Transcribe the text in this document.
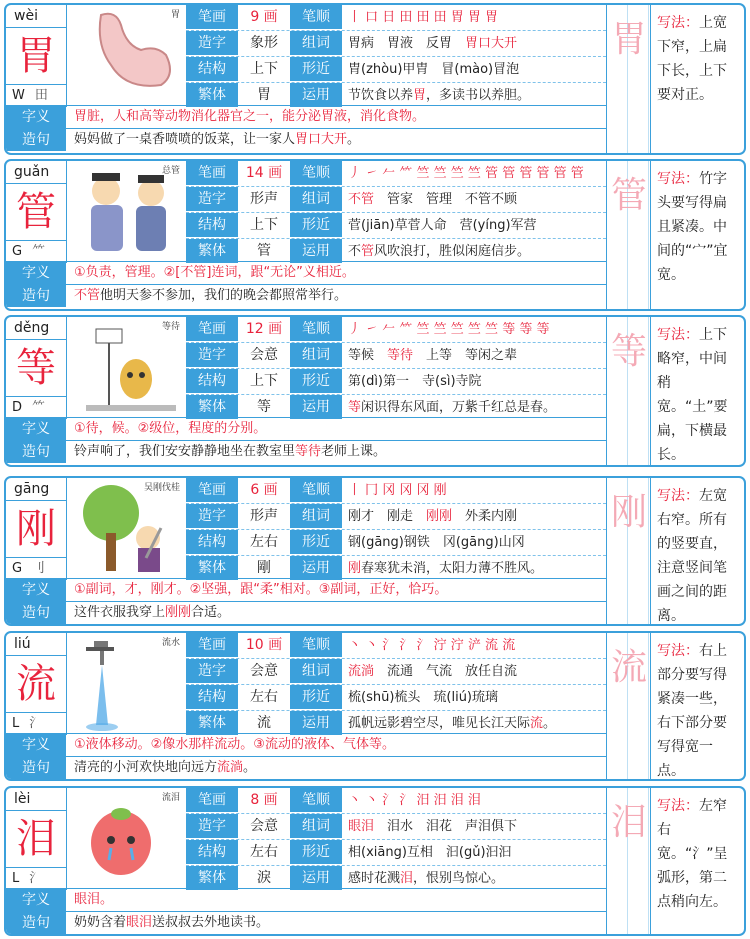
wèi
胃
W 田
胃	笔画	9 画	笔顺	丨 口 日 田 田 田 胃 胃 胃
造字	象形	组词	胃病　胃液　反胃　胃口大开
结构	上下	形近	胄(zhòu)甲胄　冒(mào)冒泡
繁体	胃	运用	节饮食以养胃，多读书以养胆。
字义	胃脏，人和高等动物消化器官之一，能分泌胃液，消化食物。
造句	妈妈做了一桌香喷喷的饭菜，让一家人胃口大开。
胃 写法：上宽下窄，上扁下长，上下要对正。
guǎn
管
G ⺮
总管	笔画	14 画	笔顺	丿 ㇀ 𠂉 ⺮ 竺 竺 竺 竺 管 管 管 管 管 管
造字	形声	组词	不管　管家　管理　不管不顾
结构	上下	形近	菅(jiān)草菅人命　营(yíng)军营
繁体	管	运用	不管风吹浪打，胜似闲庭信步。
字义	①负责，管理。②[不管]连词，跟“无论”义相近。
造句	不管他明天参不参加，我们的晚会都照常举行。
管 写法：竹字头要写得扁且紧凑。中间的“宀”宜宽。
děng
等
D ⺮
等待	笔画	12 画	笔顺	丿 ㇀ 𠂉 ⺮ 竺 竺 竺 竺 竺 等 等 等
造字	会意	组词	等候　等待　上等　等闲之辈
结构	上下	形近	第(dì)第一　寺(sì)寺院
繁体	等	运用	等闲识得东风面，万紫千红总是春。
字义	①待，候。②级位，程度的分别。
造句	铃声响了，我们安安静静地坐在教室里等待老师上课。
等 写法：上下略窄，中间稍宽。“土”要扁，下横最长。
gāng
刚
G 刂
吴刚伐桂	笔画	6 画	笔顺	丨 冂 冈 冈 冈 刚
造字	形声	组词	刚才　刚走　刚刚　外柔内刚
结构	左右	形近	钢(gāng)钢铁　冈(gāng)山冈
繁体	剛	运用	刚春寒犹未消，太阳力薄不胜风。
字义	①副词，才，刚才。②坚强，跟“柔”相对。③副词，正好，恰巧。
造句	这件衣服我穿上刚刚合适。
刚 写法：左宽右窄。所有的竖要直，注意竖间笔画之间的距离。
liú
流
L 氵
流水	笔画	10 画	笔顺	丶 丶 氵 氵 氵 泞 泞 浐 流 流
造字	会意	组词	流淌　流通　气流　放任自流
结构	左右	形近	梳(shū)梳头　琉(liú)琉璃
繁体	流	运用	孤帆远影碧空尽，唯见长江天际流。
字义	①液体移动。②像水那样流动。③流动的液体、气体等。
造句	清亮的小河欢快地向远方流淌。
流 写法：右上部分要写得紧凑一些，右下部分要写得宽一点。
lèi
泪
L 氵
流泪	笔画	8 画	笔顺	丶 丶 氵 氵 汨 汨 泪 泪
造字	会意	组词	眼泪　泪水　泪花　声泪俱下
结构	左右	形近	相(xiāng)互相　汩(gǔ)汩汩
繁体	淚	运用	感时花溅泪，恨别鸟惊心。
字义	眼泪。
造句	奶奶含着眼泪送叔叔去外地读书。
泪 写法：左窄右宽。“氵”呈弧形，第二点稍向左。
